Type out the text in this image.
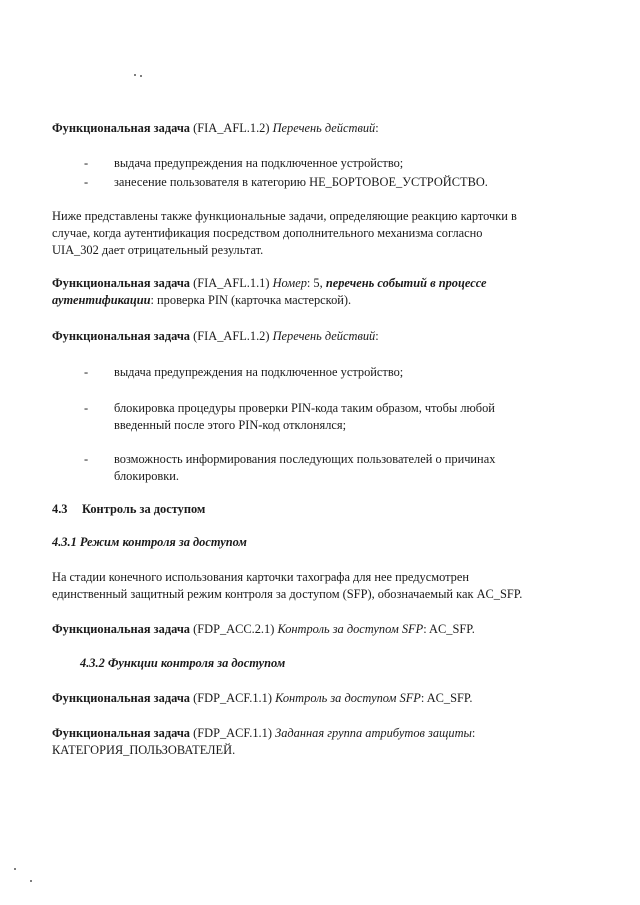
Функциональная задача (FIA_AFL.1.2) Перечень действий:
- выдача предупреждения на подключенное устройство;
- занесение пользователя в категорию НЕ_БОРТОВОЕ_УСТРОЙСТВО.
Ниже представлены также функциональные задачи, определяющие реакцию карточки в
случае, когда аутентификация посредством дополнительного механизма согласно
UIA_302 дает отрицательный результат.
Функциональная задача (FIA_AFL.1.1) Номер: 5, перечень событий в процессе
аутентификации: проверка PIN (карточка мастерской).
Функциональная задача (FIA_AFL.1.2) Перечень действий:
- выдача предупреждения на подключенное устройство;
- блокировка процедуры проверки PIN-кода таким образом, чтобы любой
введенный после этого PIN-код отклонялся;
- возможность информирования последующих пользователей о причинах
блокировки.
4.3 Контроль за доступом
4.3.1 Режим контроля за доступом
На стадии конечного использования карточки тахографа для нее предусмотрен
единственный защитный режим контроля за доступом (SFP), обозначаемый как AC_SFP.
Функциональная задача (FDP_ACC.2.1) Контроль за доступом SFP: AC_SFP.
4.3.2 Функции контроля за доступом
Функциональная задача (FDP_ACF.1.1) Контроль за доступом SFP: AC_SFP.
Функциональная задача (FDP_ACF.1.1) Заданная группа атрибутов защиты:
КАТЕГОРИЯ_ПОЛЬЗОВАТЕЛЕЙ.
